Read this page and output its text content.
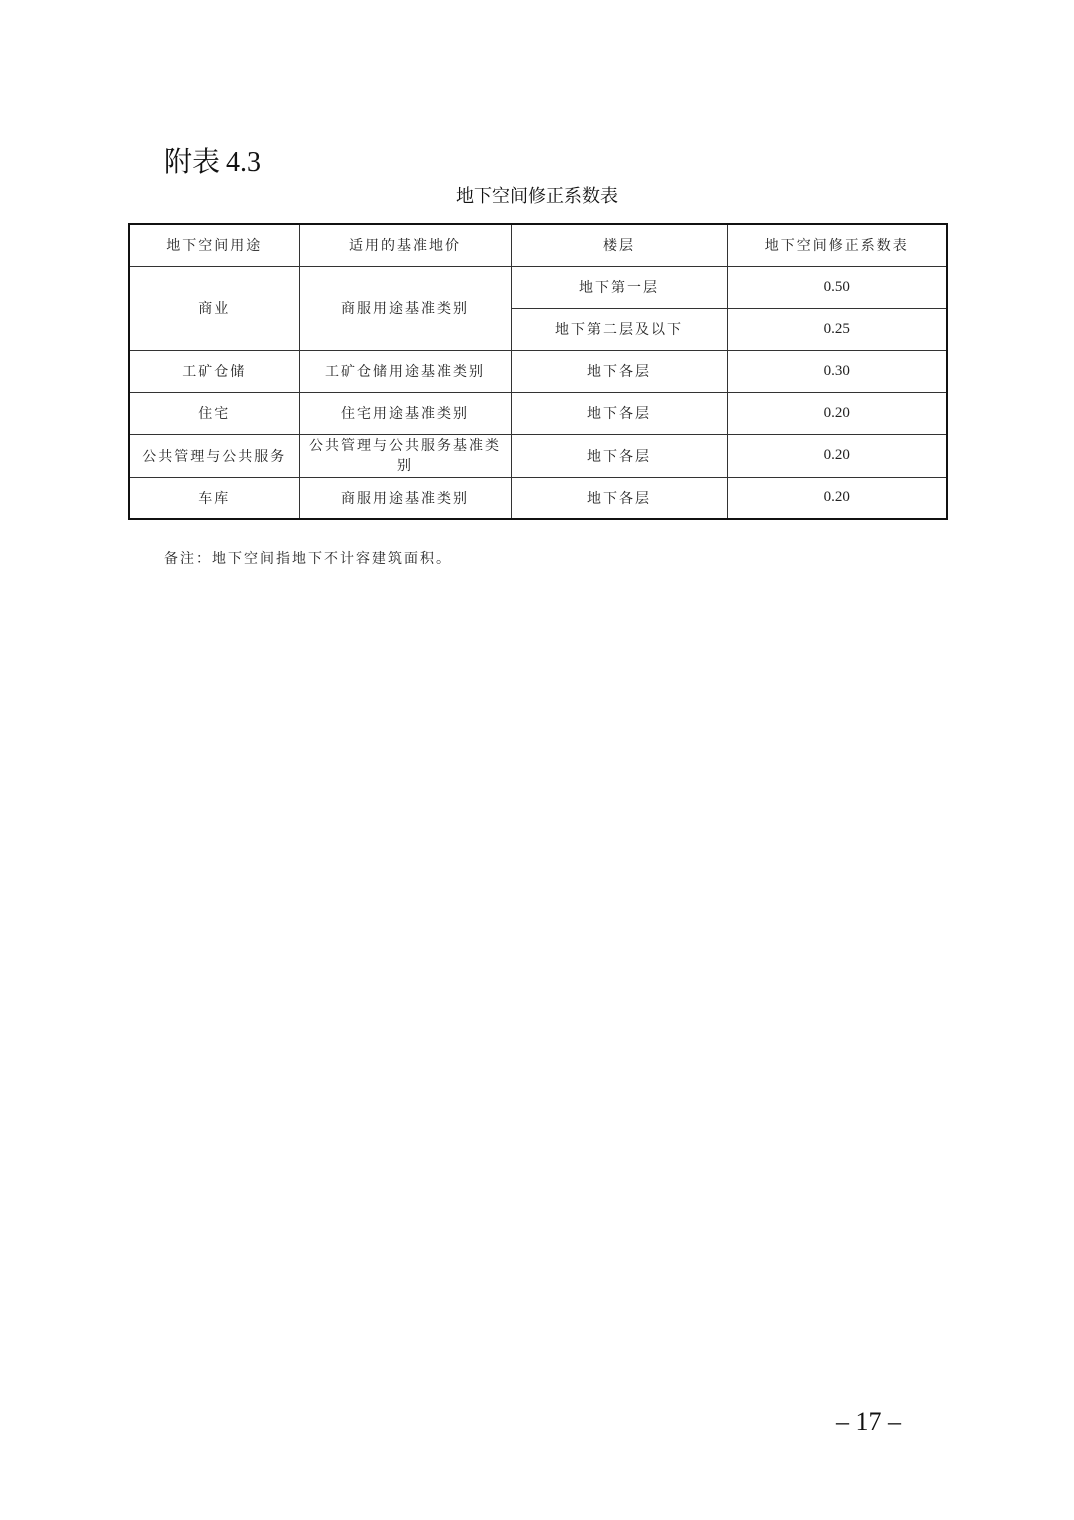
附表 4.3
地下空间修正系数表
地下空间用途	适用的基准地价	楼层	地下空间修正系数表
商业	商服用途基准类别	地下第一层	0.50
		地下第二层及以下	0.25
工矿仓储	工矿仓储用途基准类别	地下各层	0.30
住宅	住宅用途基准类别	地下各层	0.20
公共管理与公共服务	公共管理与公共服务基准类别	地下各层	0.20
车库	商服用途基准类别	地下各层	0.20
备注：地下空间指地下不计容建筑面积。
– 17 –
